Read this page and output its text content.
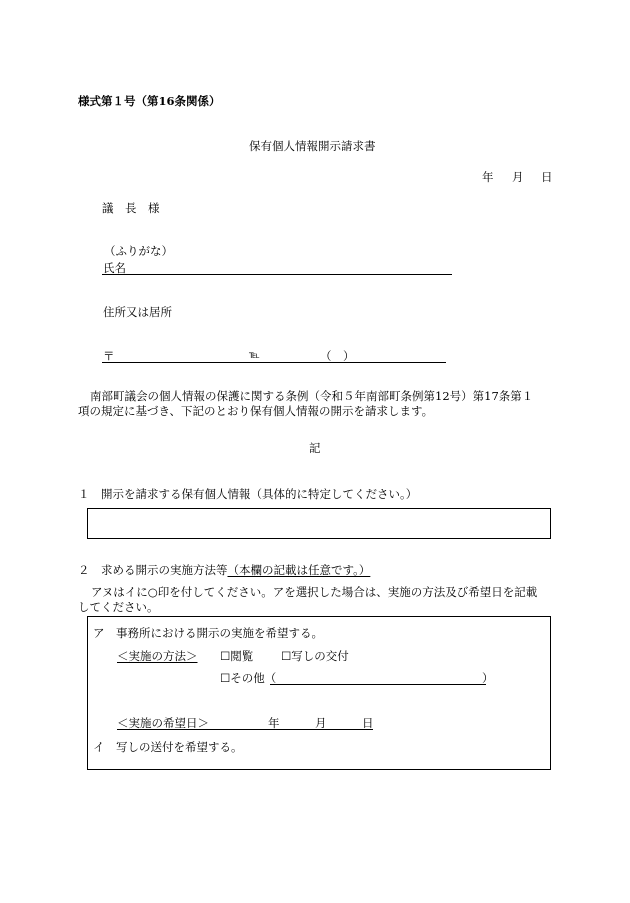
様式第１号（第16条関係）
保有個人情報開示請求書
年 月 日
議　長　様
（ふりがな）
氏名
住所又は居所
〒	℡	（　）
南部町議会の個人情報の保護に関する条例（令和５年南部町条例第12号）第17条第１
項の規定に基づき、下記のとおり保有個人情報の開示を請求します。
記
１　開示を請求する保有個人情報（具体的に特定してください。）
２　求める開示の実施方法等（本欄の記載は任意です。）
アヌはイに○印を付してください。アを選択した場合は、実施の方法及び希望日を記載
してください。
ア　事務所における開示の実施を希望する。
＜実施の方法＞ ☐閲覧 ☐写しの交付
☐その他（	）
＜実施の希望日＞	年	月	日
イ　写しの送付を希望する。
